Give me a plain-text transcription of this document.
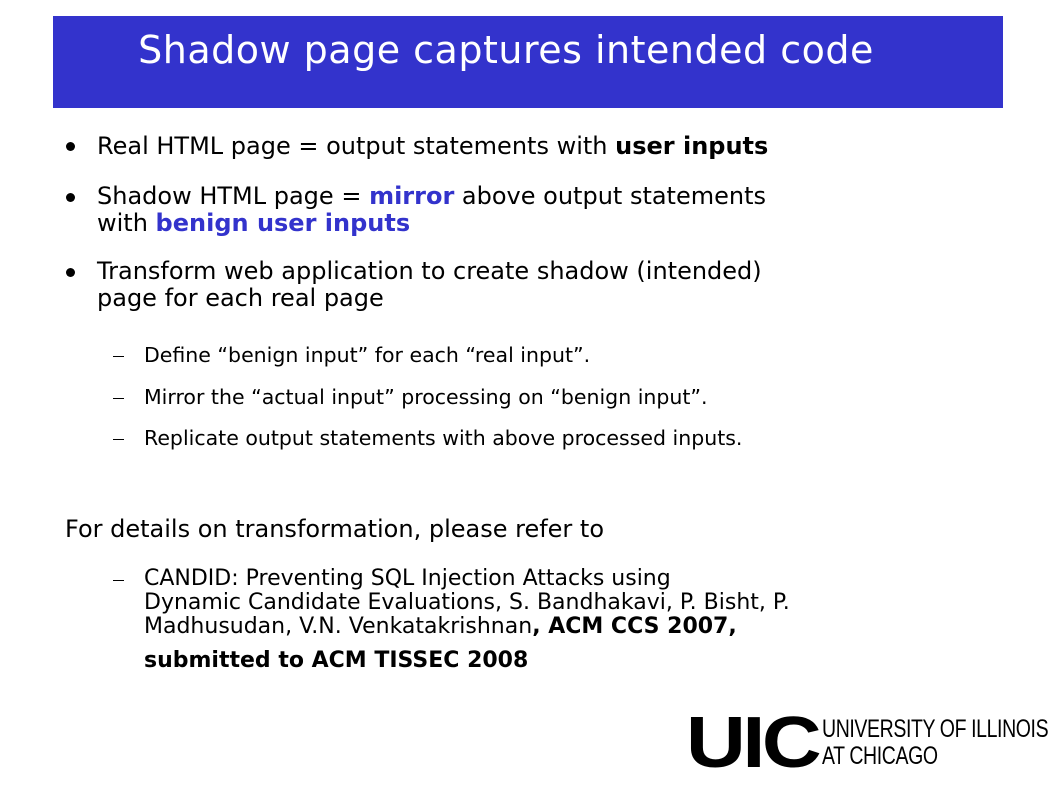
Shadow page captures intended code
Real HTML page = output statements with user inputs
Shadow HTML page = mirror above output statements
with benign user inputs
Transform web application to create shadow (intended)
page for each real page
Define “benign input” for each “real input”.
Mirror the “actual input” processing on “benign input”.
Replicate output statements with above processed inputs.
For details on transformation, please refer to
CANDID: Preventing SQL Injection Attacks using
Dynamic Candidate Evaluations, S. Bandhakavi, P. Bisht, P.
Madhusudan, V.N. Venkatakrishnan, ACM CCS 2007,
submitted to ACM TISSEC 2008
UIC UNIVERSITY OF ILLINOIS
AT CHICAGO
